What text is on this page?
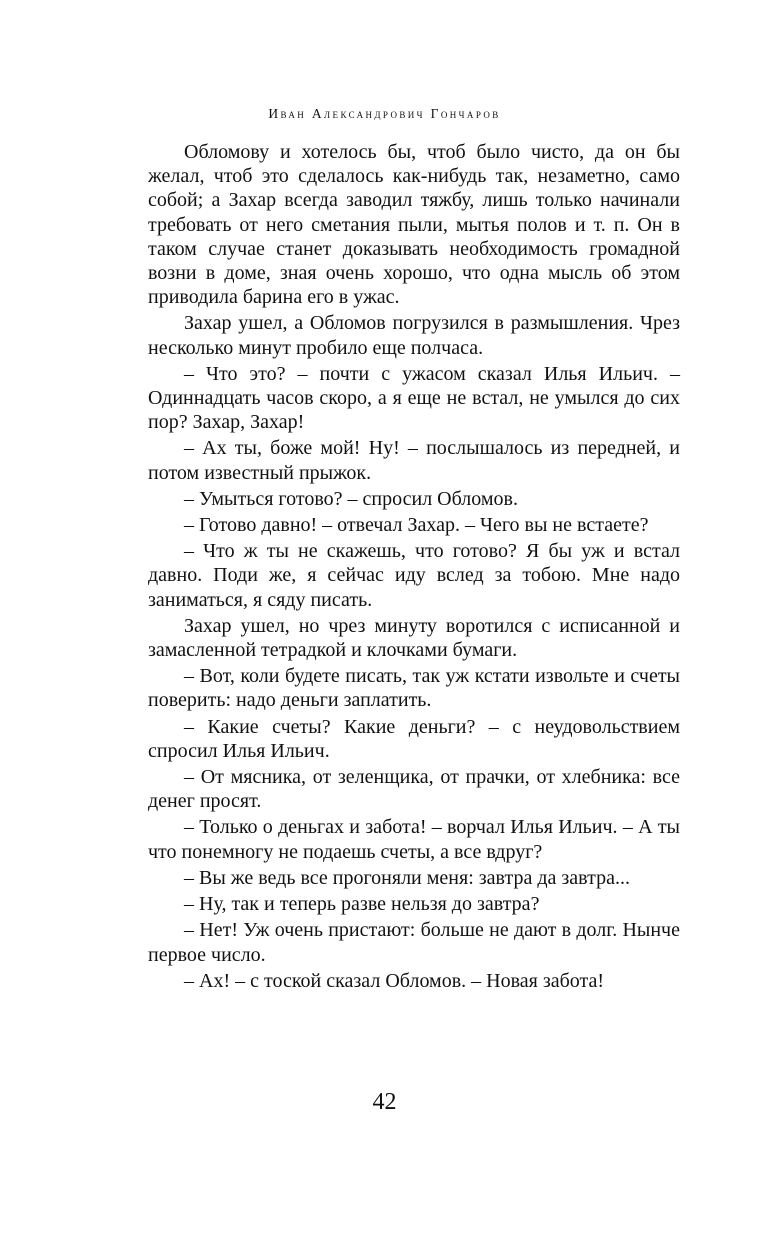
Иван Александрович Гончаров

Обломову и хотелось бы, чтоб было чисто, да он бы желал, чтоб это сделалось как-нибудь так, незаметно, само собой; а Захар всегда заводил тяжбу, лишь только начинали требовать от него сметания пыли, мытья полов и т. п. Он в таком случае станет доказывать необходимость громадной возни в доме, зная очень хорошо, что одна мысль об этом приводила барина его в ужас.

Захар ушел, а Обломов погрузился в размышления. Чрез несколько минут пробило еще полчаса.

– Что это? – почти с ужасом сказал Илья Ильич. – Одиннадцать часов скоро, а я еще не встал, не умылся до сих пор? Захар, Захар!

– Ах ты, боже мой! Ну! – послышалось из передней, и потом известный прыжок.

– Умыться готово? – спросил Обломов.

– Готово давно! – отвечал Захар. – Чего вы не встаете?

– Что ж ты не скажешь, что готово? Я бы уж и встал давно. Поди же, я сейчас иду вслед за тобою. Мне надо заниматься, я сяду писать.

Захар ушел, но чрез минуту воротился с исписанной и замасленной тетрадкой и клочками бумаги.

– Вот, коли будете писать, так уж кстати извольте и счеты поверить: надо деньги заплатить.

– Какие счеты? Какие деньги? – с неудовольствием спросил Илья Ильич.

– От мясника, от зеленщика, от прачки, от хлебника: все денег просят.

– Только о деньгах и забота! – ворчал Илья Ильич. – А ты что понемногу не подаешь счеты, а все вдруг?

– Вы же ведь все прогоняли меня: завтра да завтра...

– Ну, так и теперь разве нельзя до завтра?

– Нет! Уж очень пристают: больше не дают в долг. Нынче первое число.

– Ах! – с тоской сказал Обломов. – Новая забота!

42
